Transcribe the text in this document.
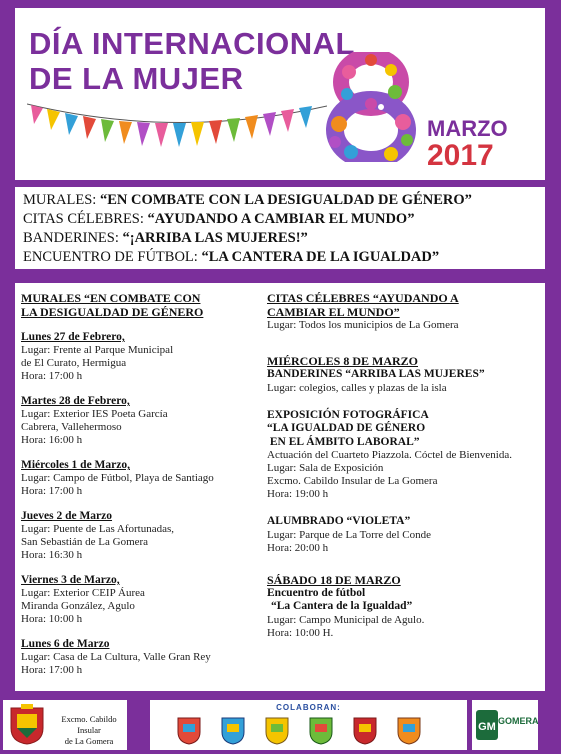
DÍA INTERNACIONAL
DE LA MUJER
MARZO
2017
MURALES: “EN COMBATE CON LA DESIGUALDAD DE GÉNERO”
CITAS CÉLEBRES: “AYUDANDO A CAMBIAR EL MUNDO”
BANDERINES: “¡ARRIBA LAS MUJERES!”
ENCUENTRO DE FÚTBOL: “LA CANTERA DE LA IGUALDAD”
MURALES “EN COMBATE CON
LA DESIGUALDAD DE GÉNERO
Lunes 27 de Febrero,
Lugar: Frente al Parque Municipal
de El Curato, Hermigua
Hora: 17:00 h
Martes 28 de Febrero,
Lugar: Exterior IES Poeta García
Cabrera, Vallehermoso
Hora: 16:00 h
Miércoles 1 de Marzo,
Lugar: Campo de Fútbol, Playa de Santiago
Hora: 17:00 h
Jueves 2 de Marzo
Lugar: Puente de Las Afortunadas,
San Sebastián de La Gomera
Hora: 16:30 h
Viernes 3 de Marzo,
Lugar: Exterior CEIP Áurea
Miranda González, Agulo
Hora: 10:00 h
Lunes 6 de Marzo
Lugar: Casa de La Cultura, Valle Gran Rey
Hora: 17:00 h
CITAS CÉLEBRES “AYUDANDO A
CAMBIAR EL MUNDO”
Lugar: Todos los municipios de La Gomera
MIÉRCOLES 8 DE MARZO
BANDERINES “ARRIBA LAS MUJERES”
Lugar: colegios, calles y plazas de la isla
EXPOSICIÓN FOTOGRÁFICA
“LA IGUALDAD DE GÉNERO
EN EL ÁMBITO LABORAL”
Actuación del Cuarteto Piazzola. Cóctel de Bienvenida.
Lugar: Sala de Exposición
Excmo. Cabildo Insular de La Gomera
Hora: 19:00 h
ALUMBRADO “VIOLETA”
Lugar: Parque de La Torre del Conde
Hora: 20:00 h
SÁBADO 18 DE MARZO
Encuentro de fútbol
“La Cantera de la Igualdad”
Lugar: Campo Municipal de Agulo.
Hora: 10:00 H.
Excmo. Cabildo Insular
de La Gomera
COLABORAN:
GM GOMERA
